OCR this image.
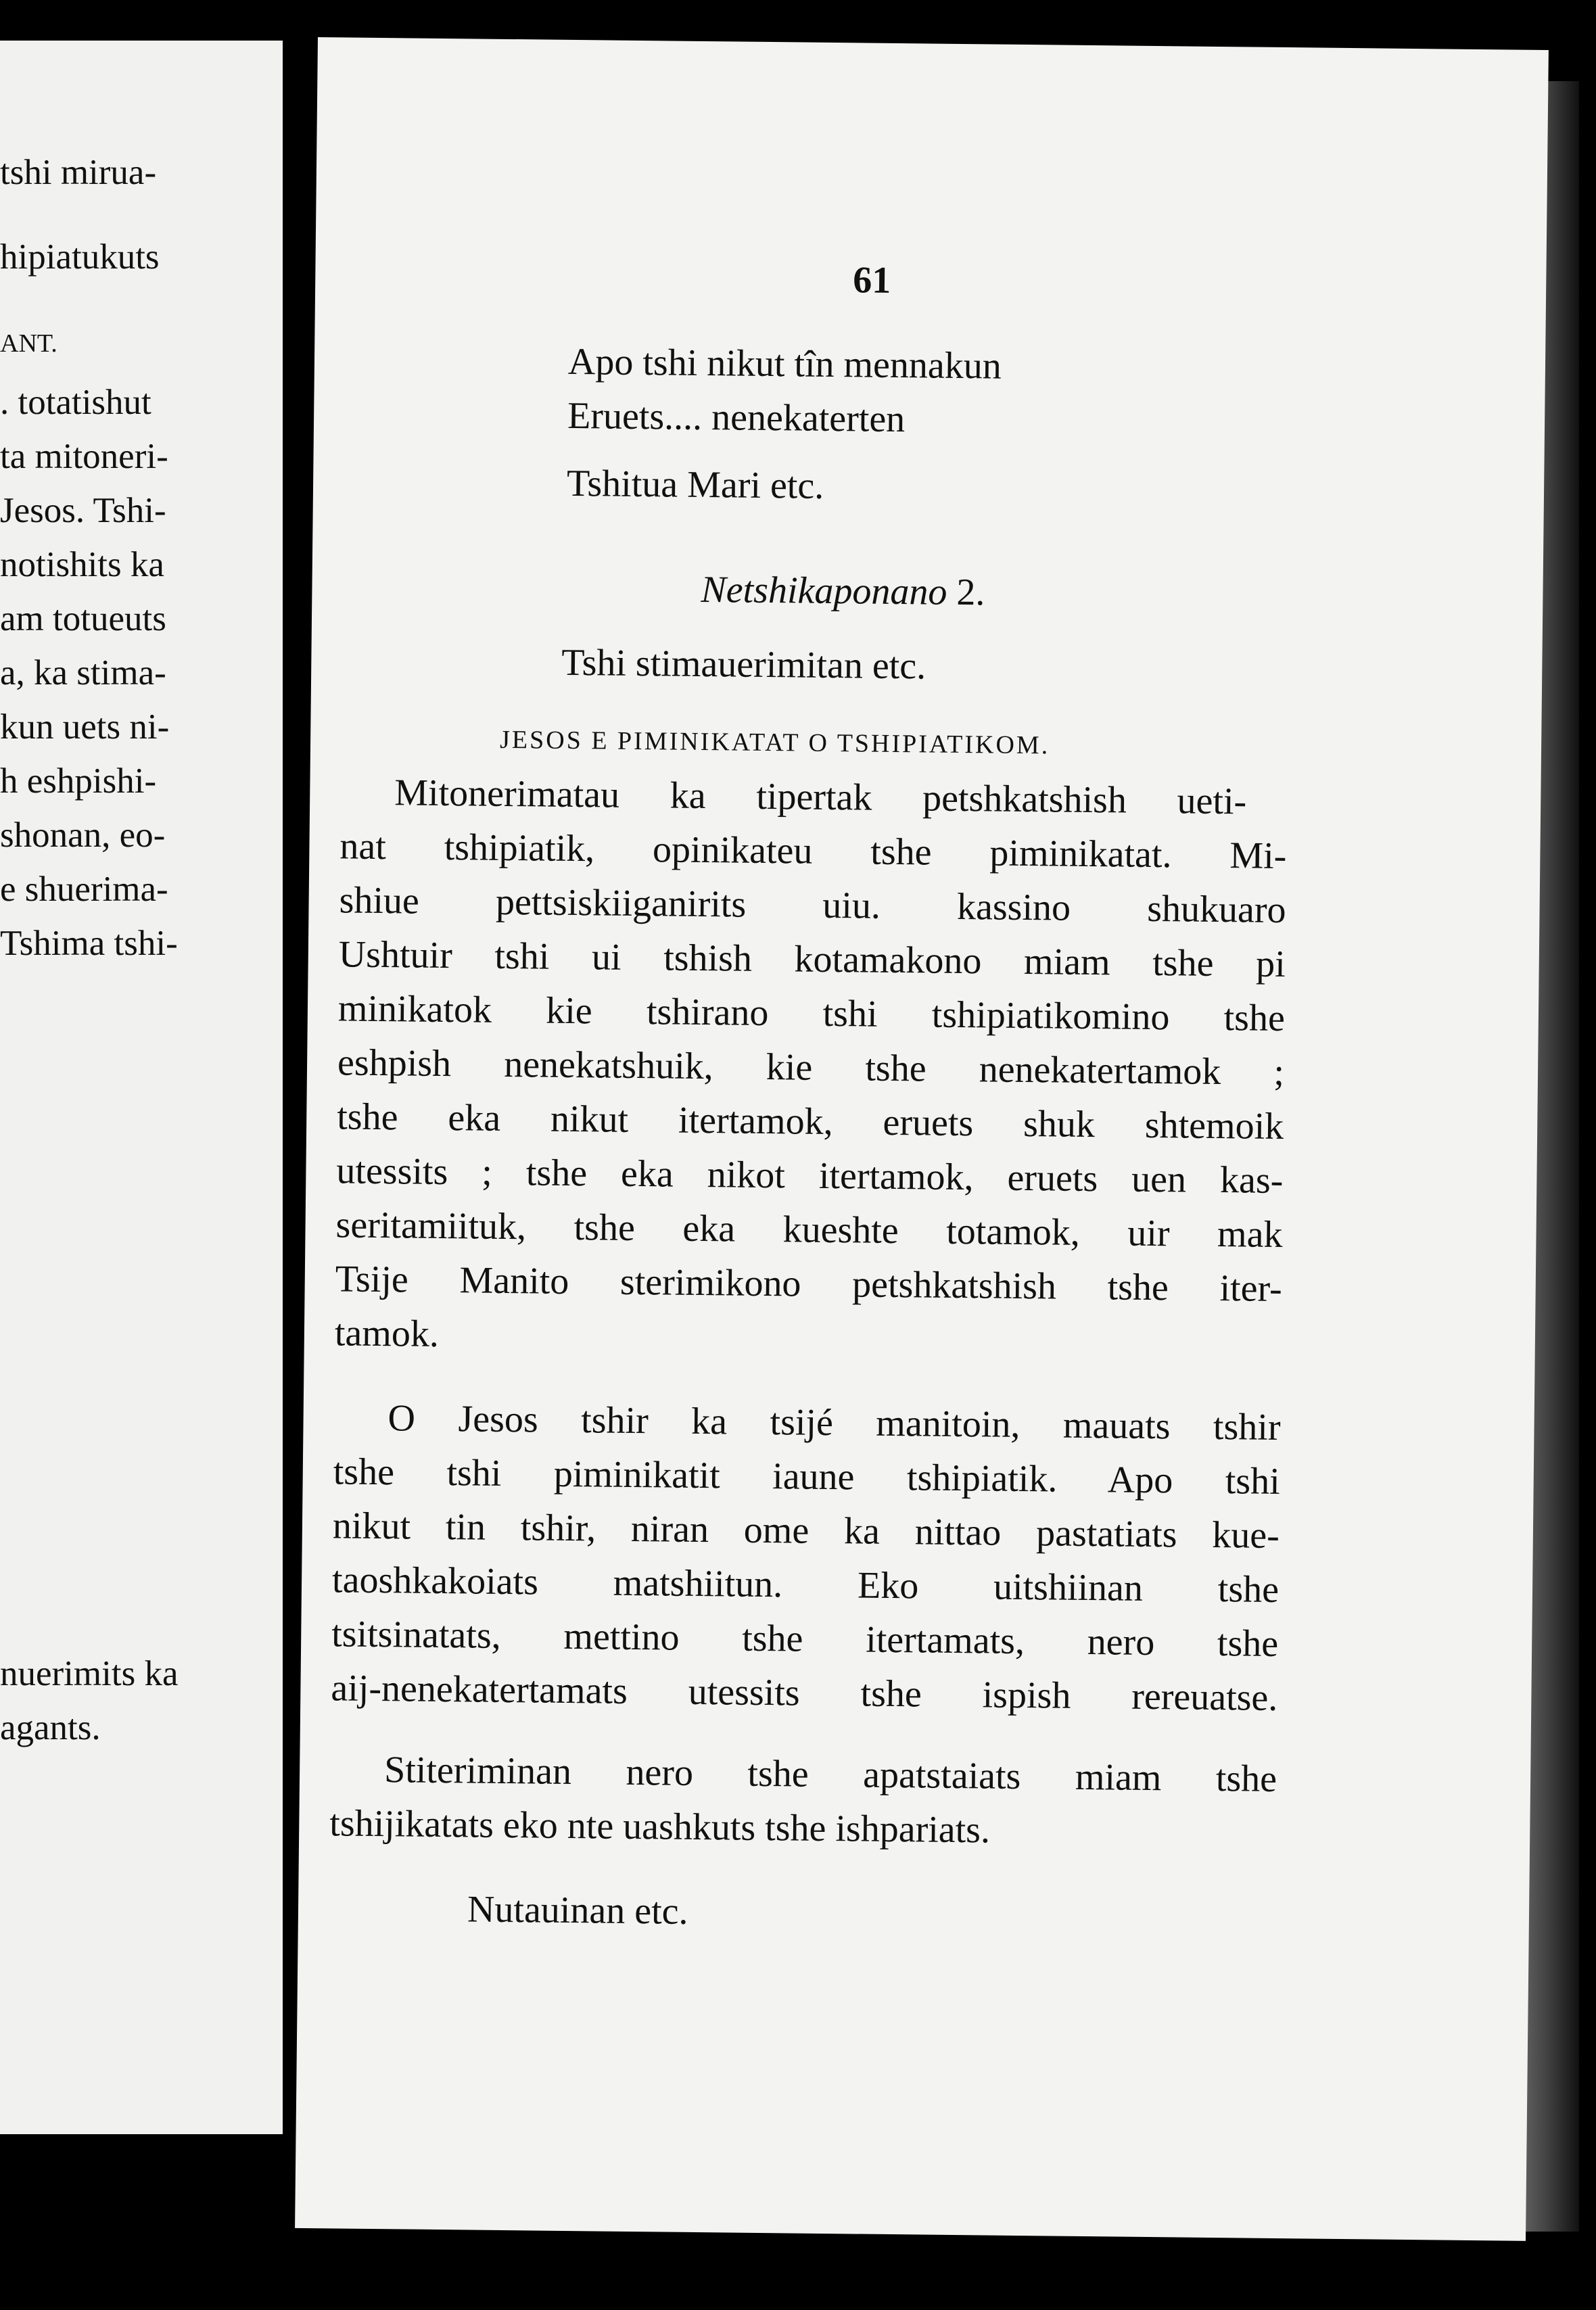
tshi mirua-
hipiatukuts
ANT.
. totatishut
ta mitoneri-
Jesos. Tshi-
notishits ka
am totueuts
a, ka stima-
kun uets ni-
h eshpishi-
shonan, eo-
e shuerima-
Tshima tshi-
nuerimits ka
agants.
61
Apo tshi nikut tîn mennakun
Eruets.... nenekaterten
Tshitua Mari etc.
Netshikaponano 2.
Tshi stimauerimitan etc.
JESOS E PIMINIKATAT O TSHIPIATIKOM.
Mitonerimatau ka tipertak petshkatshish ueti-
nat tshipiatik, opinikateu tshe piminikatat. Mi-
shiue pettsiskiiganirits uiu. kassino shukuaro
Ushtuir tshi ui tshish kotamakono miam tshe pi
minikatok kie tshirano tshi tshipiatikomino tshe
eshpish nenekatshuik, kie tshe nenekatertamok ;
tshe eka nikut itertamok, eruets shuk shtemoik
utessits ; tshe eka nikot itertamok, eruets uen kas-
seritamiituk, tshe eka kueshte totamok, uir mak
Tsije Manito sterimikono petshkatshish tshe iter-
tamok.
O Jesos tshir ka tsijé manitoin, mauats tshir
tshe tshi piminikatit iaune tshipiatik. Apo tshi
nikut tin tshir, niran ome ka nittao pastatiats kue-
taoshkakoiats matshiitun. Eko uitshiinan tshe
tsitsinatats, mettino tshe itertamats, nero tshe
aij-nenekatertamats utessits tshe ispish rereuatse.
Stiteriminan nero tshe apatstaiats miam tshe
tshijikatats eko nte uashkuts tshe ishpariats.
Nutauinan etc.
